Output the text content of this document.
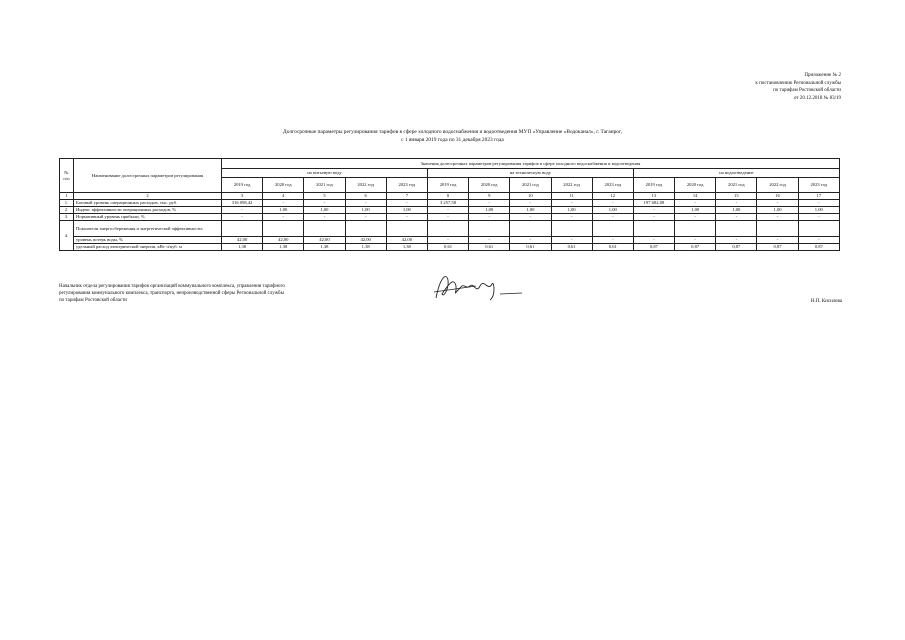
Приложение № 2
к постановлению Региональной службы
по тарифам Ростовской области
от 20.12.2018 № 83/19
Долгосрочные параметры регулирования тарифов в сфере холодного водоснабжения и водоотведения МУП «Управление «Водоканал», г. Таганрог,
с 1 января 2019 года по 31 декабря 2023 года
№ п/п	Наименование долгосрочных параметров регулирования	Значения долгосрочных параметров регулирования тарифов в сфере холодного водоснабжения и водоотведения														
		на питьевую воду					на техническую воду					на водоотведение				
		2019 год	2020 год	2021 год	2022 год	2023 год	2019 год	2020 год	2021 год	2022 год	2023 год	2019 год	2020 год	2021 год	2022 год	2023 год
1	2	3	4	5	6	7	8	9	10	11	12	13	14	15	16	17
1.	Базовый уровень операционных расходов, тыс. руб.	316 098,42	-	-	-	-	3 257,58	-	-	-	-	197 682,08	-	-	-	-
2.	Индекс эффективности операционных расходов, %	-	1,00	1,00	1,00	1,00	-	1,00	1,00	1,00	1,00	-	1,00	1,00	1,00	1,00
3.	Нормативный уровень прибыли, %	-	-	-	-	-	-	-	-	-	-	-	-	-	-	-
4.	Показатели энергосбережения и энергетической эффективности:															
	уровень потерь воды, %	42,00	42,00	42,00	42,00	42,00	-	-	-	-	-	-	-	-	-	-
	удельный расход электрической энергии, кВт·ч/куб. м	1,38	1,38	1,38	1,38	1,38	0,61	0,61	0,61	0,61	0,61	0,87	0,87	0,87	0,87	0,87
Начальник отдела регулирования тарифов организаций коммунального комплекса, управления тарифного регулирования коммунального комплекса, транспорта, непроизводственной сферы Региональной службы по тарифам Ростовской области	Н.П. Кисилева
